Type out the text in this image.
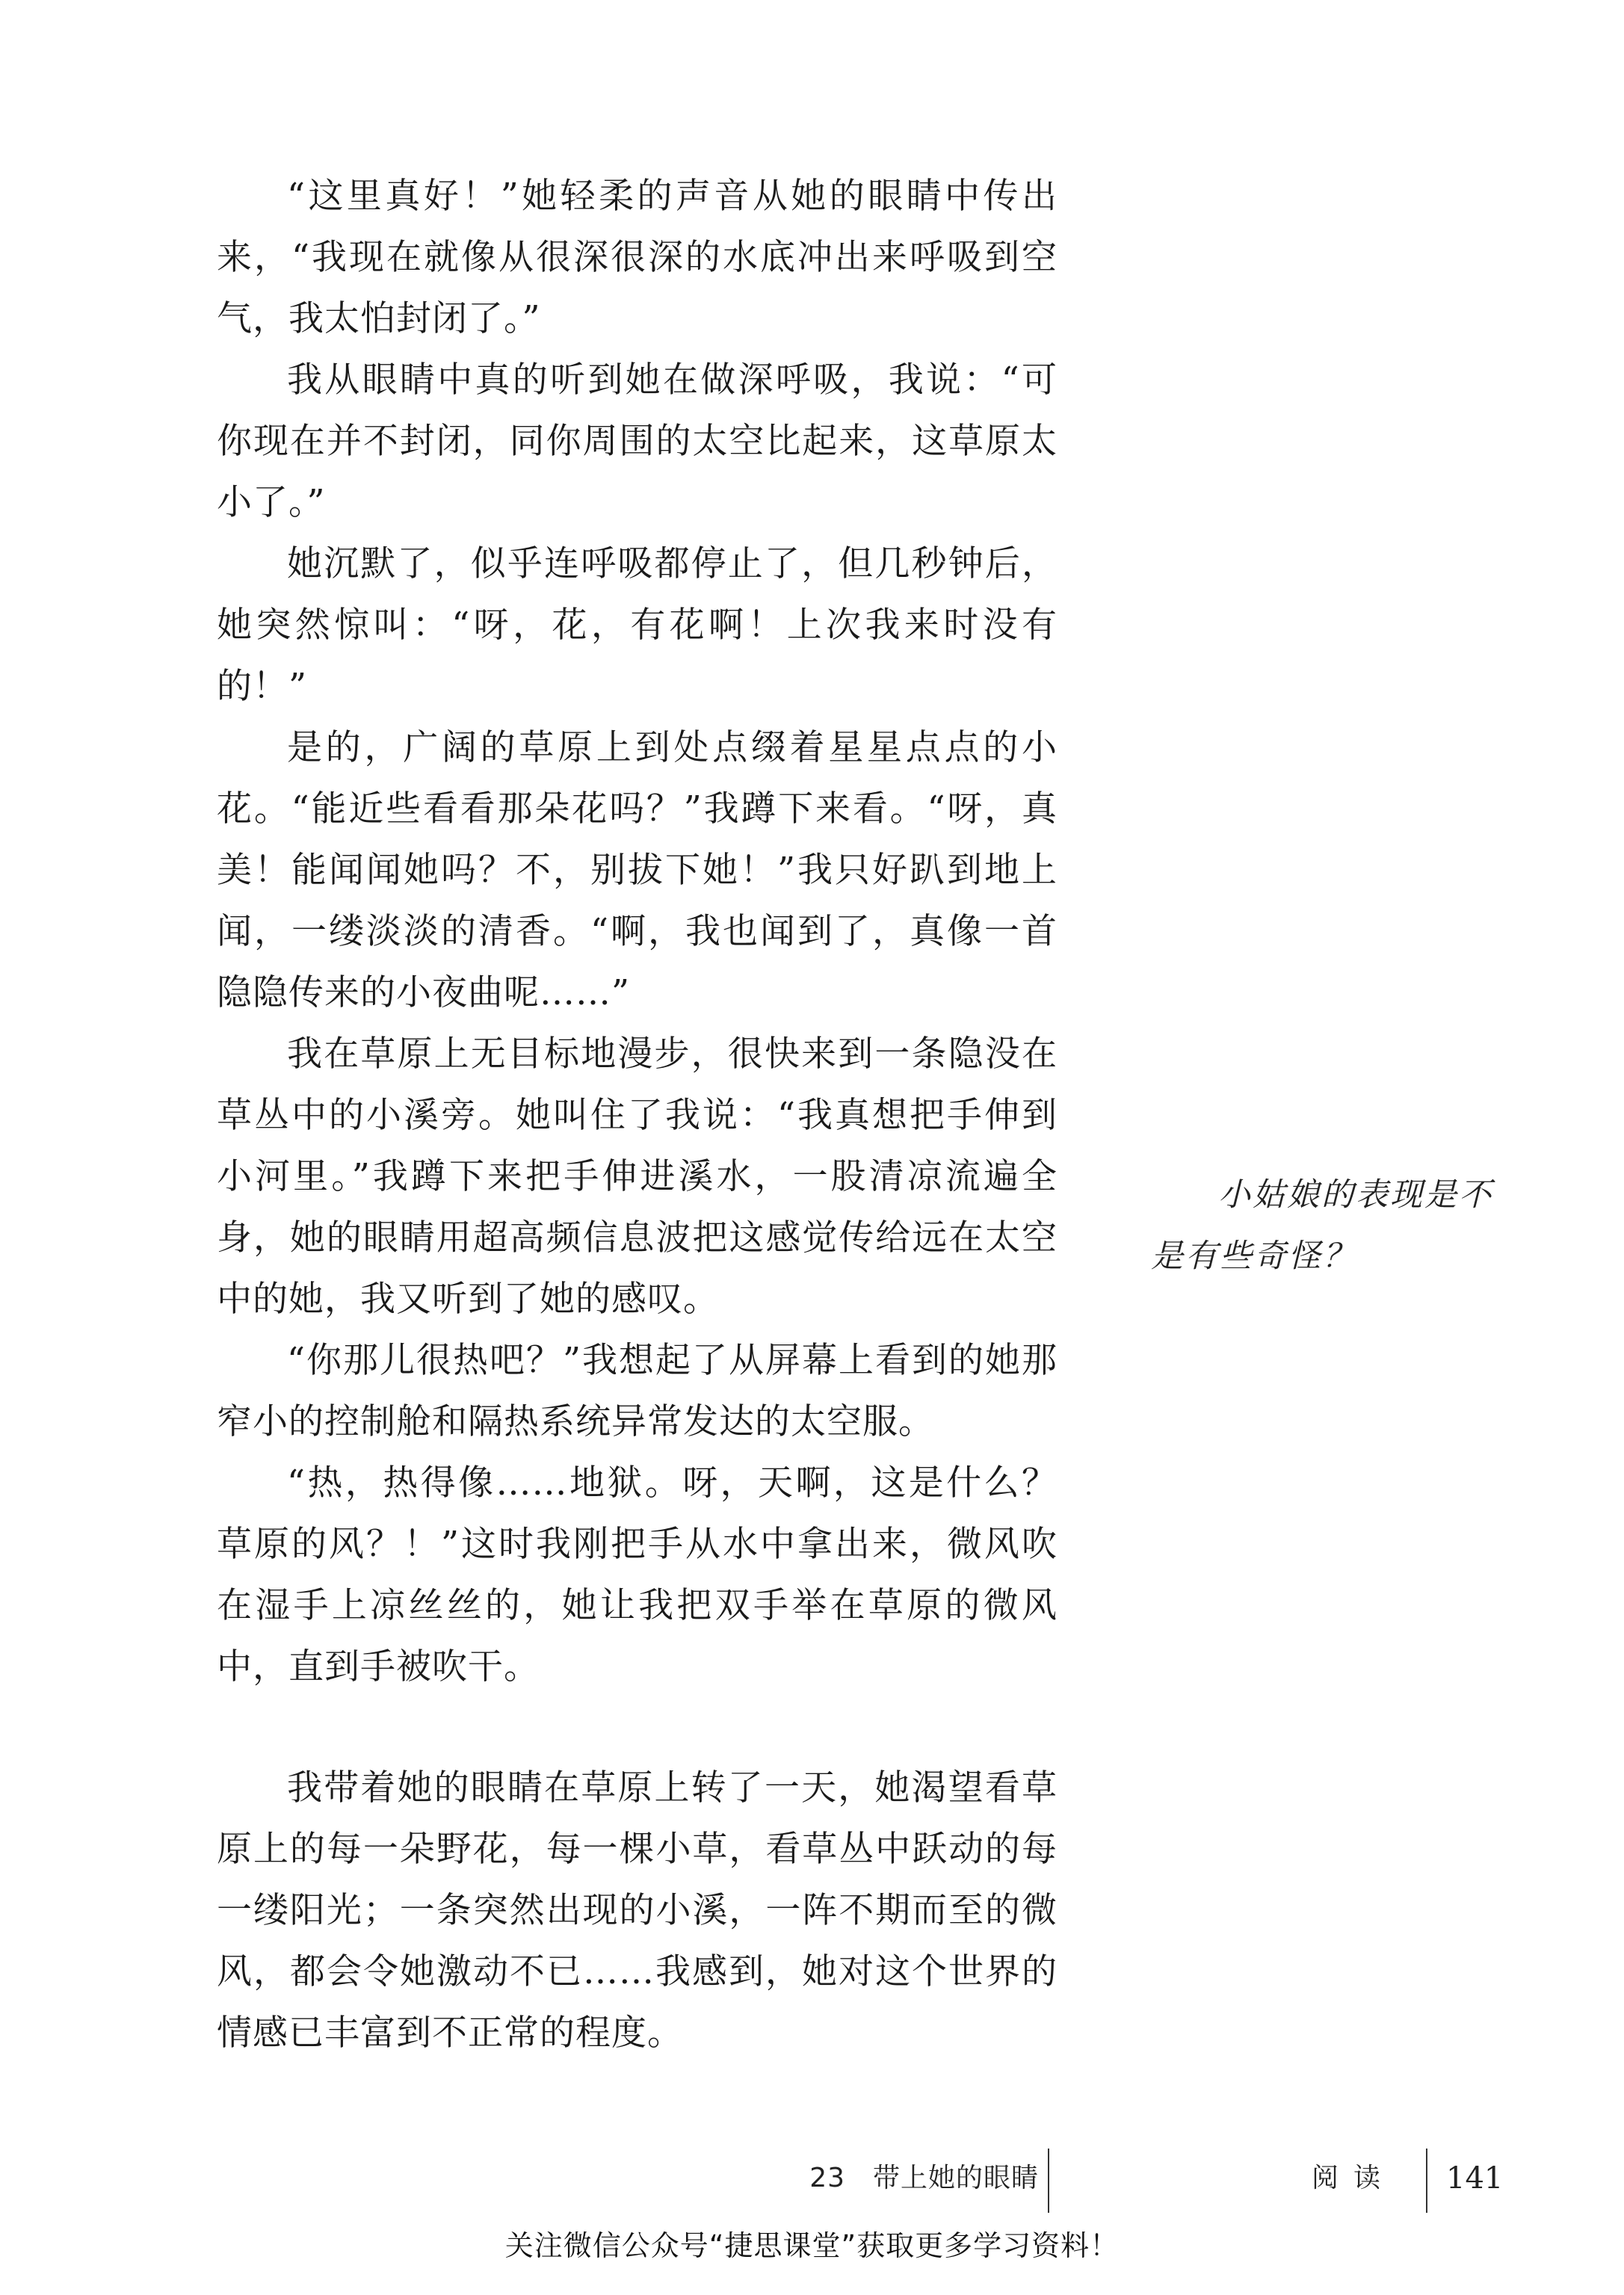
“这里真好！”她轻柔的声音从她的眼睛中传出来，“我现在就像从很深很深的水底冲出来呼吸到空气，我太怕封闭了。”

我从眼睛中真的听到她在做深呼吸，我说：“可你现在并不封闭，同你周围的太空比起来，这草原太小了。”

她沉默了，似乎连呼吸都停止了，但几秒钟后，她突然惊叫：“呀，花，有花啊！上次我来时没有的！”

是的，广阔的草原上到处点缀着星星点点的小花。“能近些看看那朵花吗？”我蹲下来看。“呀，真美！能闻闻她吗？不，别拔下她！”我只好趴到地上闻，一缕淡淡的清香。“啊，我也闻到了，真像一首隐隐传来的小夜曲呢……”

我在草原上无目标地漫步，很快来到一条隐没在草丛中的小溪旁。她叫住了我说：“我真想把手伸到小河里。”我蹲下来把手伸进溪水，一股清凉流遍全身，她的眼睛用超高频信息波把这感觉传给远在太空中的她，我又听到了她的感叹。

“你那儿很热吧？”我想起了从屏幕上看到的她那窄小的控制舱和隔热系统异常发达的太空服。

“热，热得像……地狱。呀，天啊，这是什么？草原的风？！”这时我刚把手从水中拿出来，微风吹在湿手上凉丝丝的，她让我把双手举在草原的微风中，直到手被吹干。

我带着她的眼睛在草原上转了一天，她渴望看草原上的每一朵野花，每一棵小草，看草丛中跃动的每一缕阳光；一条突然出现的小溪，一阵不期而至的微风，都会令她激动不已……我感到，她对这个世界的情感已丰富到不正常的程度。

小姑娘的表现是不是有些奇怪？
23　带上她的眼睛	阅读 141
关注微信公众号“捷思课堂”获取更多学习资料！
